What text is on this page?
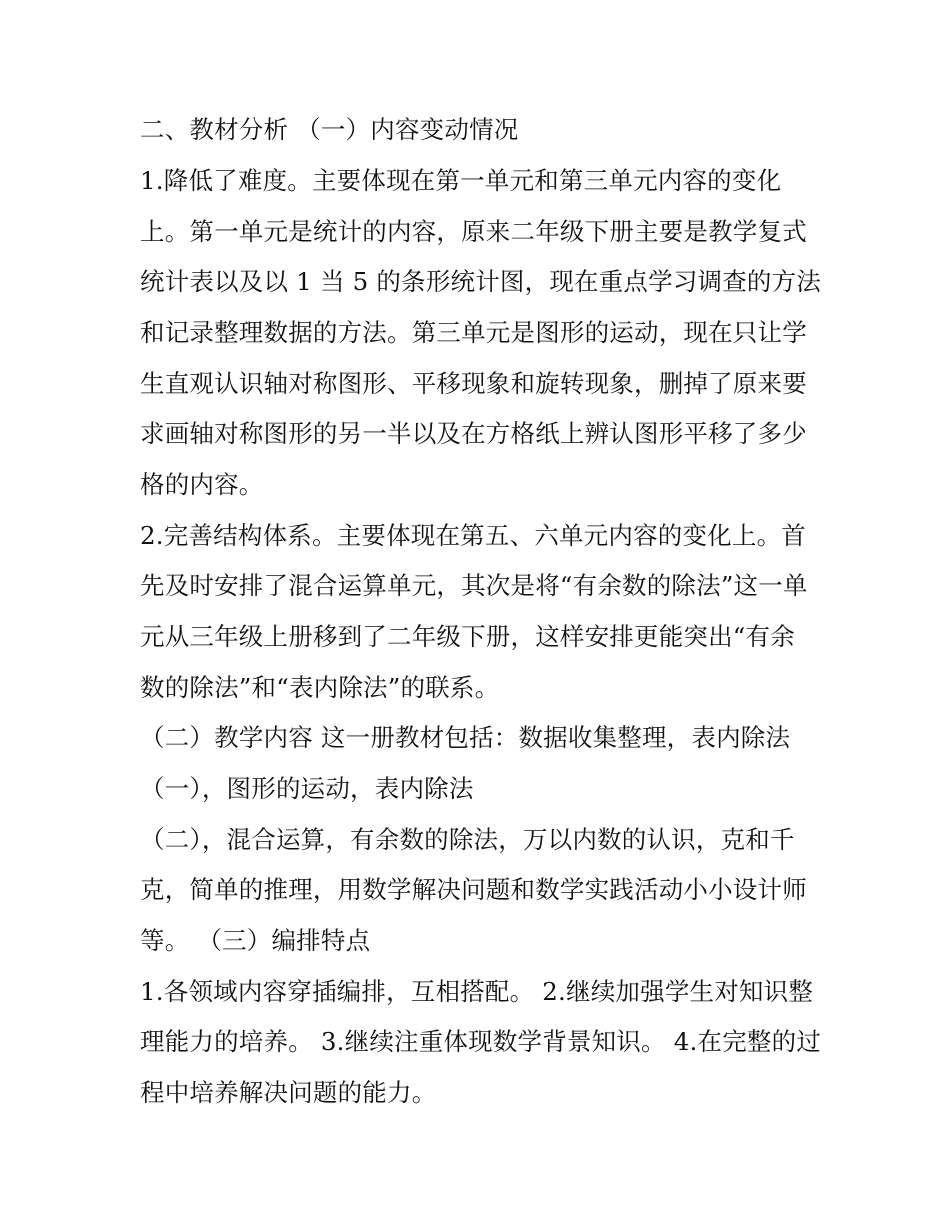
二、教材分析 （一）内容变动情况
1.降低了难度。主要体现在第一单元和第三单元内容的变化
上。第一单元是统计的内容，原来二年级下册主要是教学复式
统计表以及以 1 当 5 的条形统计图，现在重点学习调查的方法
和记录整理数据的方法。第三单元是图形的运动，现在只让学
生直观认识轴对称图形、平移现象和旋转现象，删掉了原来要
求画轴对称图形的另一半以及在方格纸上辨认图形平移了多少
格的内容。
2.完善结构体系。主要体现在第五、六单元内容的变化上。首
先及时安排了混合运算单元，其次是将“有余数的除法”这一单
元从三年级上册移到了二年级下册，这样安排更能突出“有余
数的除法”和“表内除法”的联系。
（二）教学内容 这一册教材包括：数据收集整理，表内除法
（一），图形的运动，表内除法
（二），混合运算，有余数的除法，万以内数的认识，克和千
克，简单的推理，用数学解决问题和数学实践活动小小设计师
等。 （三）编排特点
1.各领域内容穿插编排，互相搭配。 2.继续加强学生对知识整
理能力的培养。 3.继续注重体现数学背景知识。 4.在完整的过
程中培养解决问题的能力。
